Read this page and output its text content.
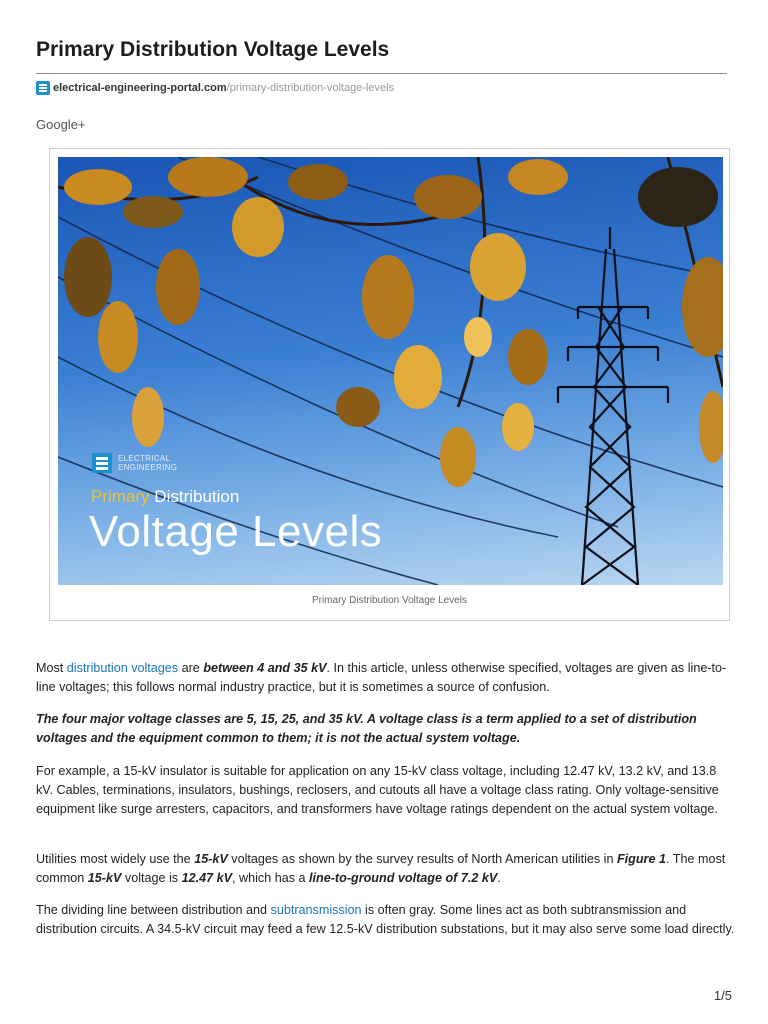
Primary Distribution Voltage Levels
electrical-engineering-portal.com /primary-distribution-voltage-levels
Google+
ELECTRICAL
ENGINEERING
Primary Distribution
Voltage Levels
Primary Distribution Voltage Levels

Most distribution voltages are between 4 and 35 kV. In this article, unless otherwise specified, voltages are given as line-to-line voltages; this follows normal industry practice, but it is sometimes a source of confusion.

The four major voltage classes are 5, 15, 25, and 35 kV. A voltage class is a term applied to a set of distribution voltages and the equipment common to them; it is not the actual system voltage.

For example, a 15-kV insulator is suitable for application on any 15-kV class voltage, including 12.47 kV, 13.2 kV, and 13.8 kV. Cables, terminations, insulators, bushings, reclosers, and cutouts all have a voltage class rating. Only voltage-sensitive equipment like surge arresters, capacitors, and transformers have voltage ratings dependent on the actual system voltage.

Utilities most widely use the 15-kV voltages as shown by the survey results of North American utilities in Figure 1. The most common 15-kV voltage is 12.47 kV, which has a line-to-ground voltage of 7.2 kV.

The dividing line between distribution and subtransmission is often gray. Some lines act as both subtransmission and distribution circuits. A 34.5-kV circuit may feed a few 12.5-kV distribution substations, but it may also serve some load directly.

1/5
